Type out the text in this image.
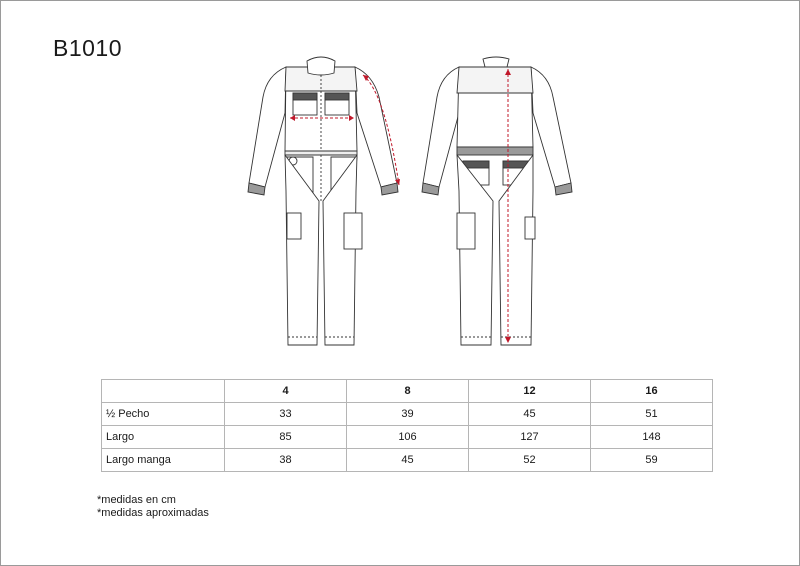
B1010
	4	8	12	16
½ Pecho	33	39	45	51
Largo	85	106	127	148
Largo manga	38	45	52	59
*medidas en cm
*medidas aproximadas
